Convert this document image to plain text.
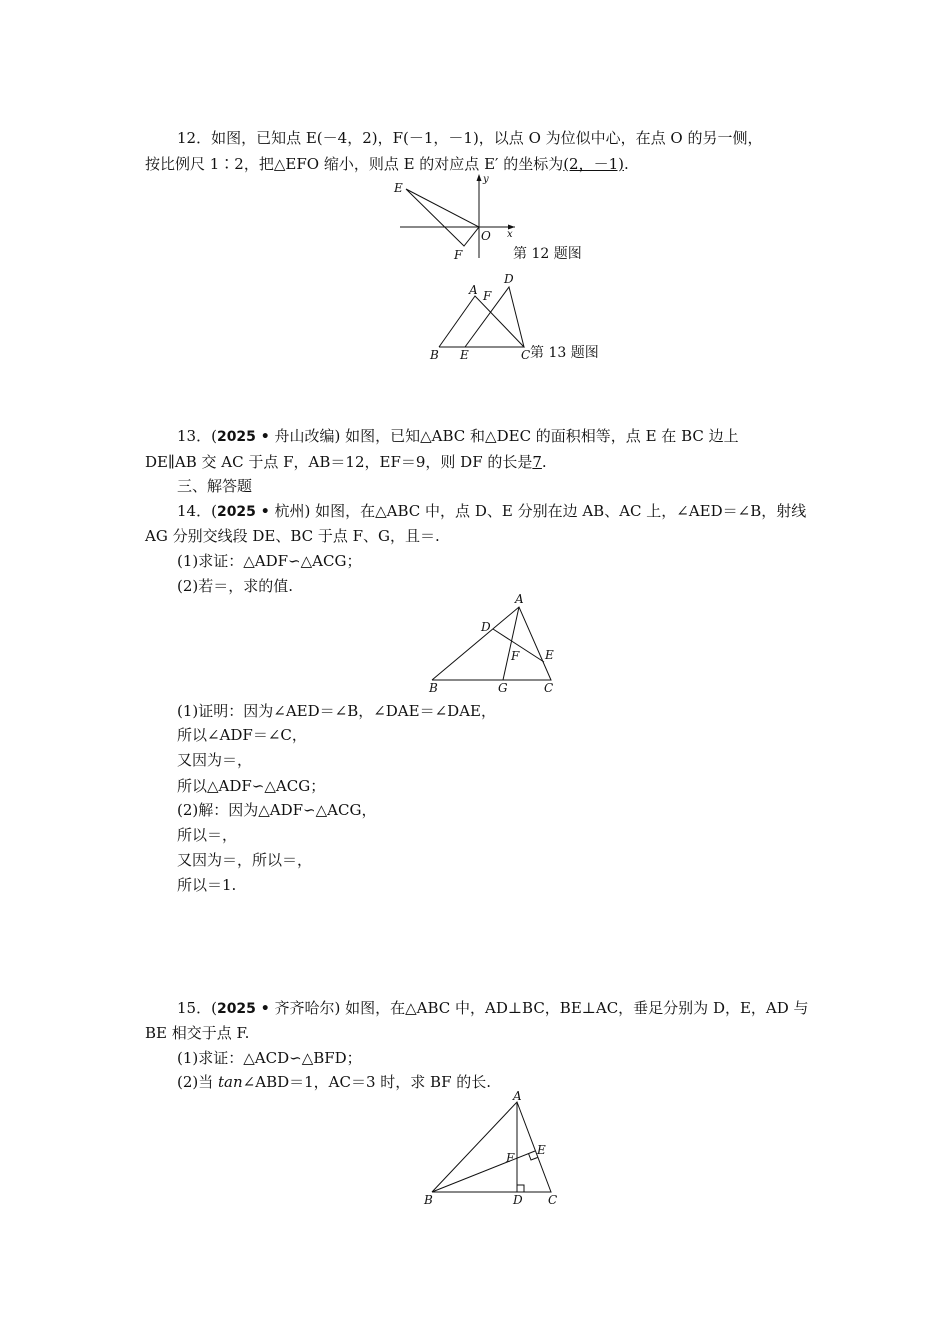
12．如图，已知点 E(－4，2)，F(－1，－1)，以点 O 为位似中心，在点 O 的另一侧，
按比例尺 1∶2，把△EFO 缩小，则点 E 的对应点 E′ 的坐标为(2，－1).
E
F
O x
y
第 12 题图
A
B	C
D
E
F
第 13 题图
13．(2025 • 舟山改编) 如图，已知△ABC 和△DEC 的面积相等，点 E 在 BC 边上
DE∥AB 交 AC 于点 F，AB＝12，EF＝9，则 DF 的长是7.
三、解答题
14．(2025 • 杭州) 如图，在△ABC 中，点 D、E 分别在边 AB、AC 上，∠AED＝∠B，射线
AG 分别交线段 DE、BC 于点 F、G，且＝.
(1)求证：△ADF∽△ACG；
(2)若＝，求的值.
A
B	C
D
E
F
G
(1)证明：因为∠AED＝∠B，∠DAE＝∠DAE，
所以∠ADF＝∠C，
又因为＝，
所以△ADF∽△ACG；
(2)解：因为△ADF∽△ACG，
所以＝，
又因为＝，所以＝，
所以＝1.
15．(2025 • 齐齐哈尔) 如图，在△ABC 中，AD⊥BC，BE⊥AC，垂足分别为 D，E，AD 与
BE 相交于点 F.
(1)求证：△ACD∽△BFD；
(2)当 tan∠ABD＝1，AC＝3 时，求 BF 的长.
A
B	C
D
E
F
